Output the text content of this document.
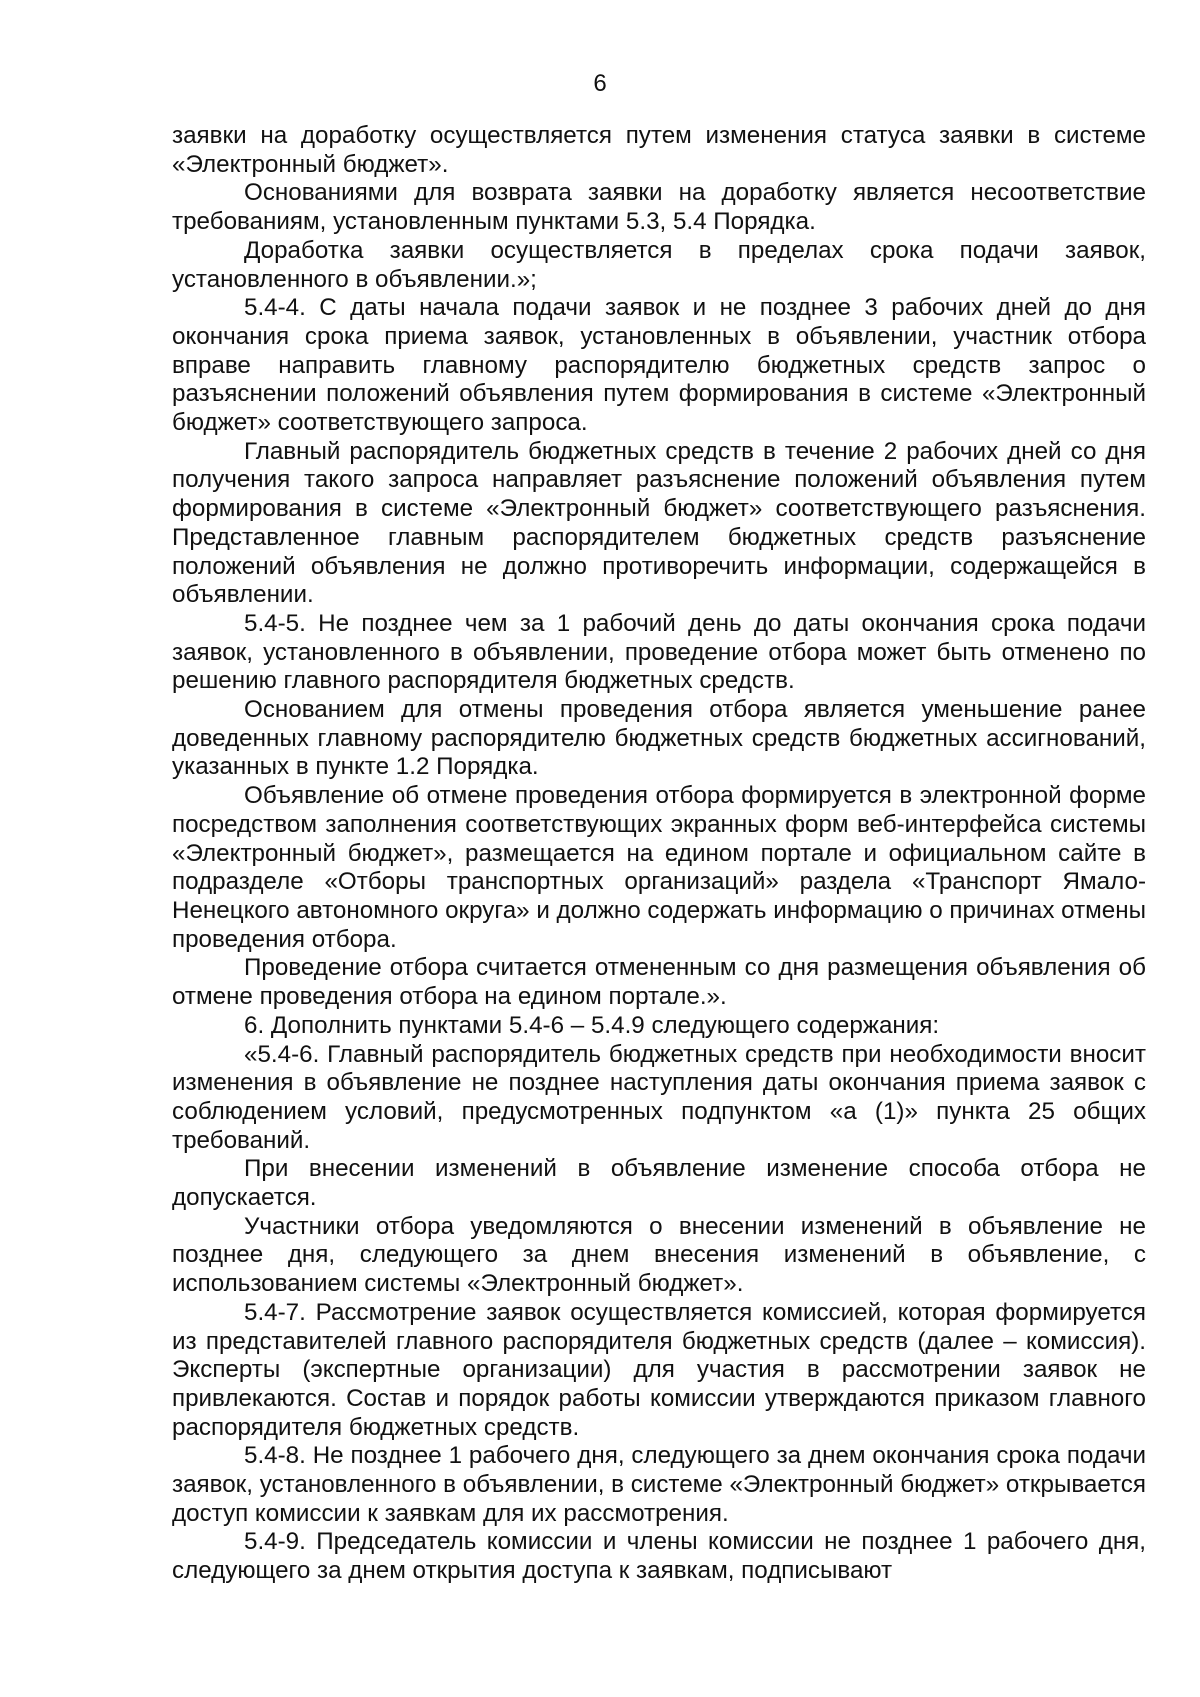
6

заявки на доработку осуществляется путем изменения статуса заявки в системе «Электронный бюджет».

Основаниями для возврата заявки на доработку является несоответствие требованиям, установленным пунктами 5.3, 5.4 Порядка.

Доработка заявки осуществляется в пределах срока подачи заявок, установленного в объявлении.»;

5.4-4. С даты начала подачи заявок и не позднее 3 рабочих дней до дня окончания срока приема заявок, установленных в объявлении, участник отбора вправе направить главному распорядителю бюджетных средств запрос о разъяснении положений объявления путем формирования в системе «Электронный бюджет» соответствующего запроса.

Главный распорядитель бюджетных средств в течение 2 рабочих дней со дня получения такого запроса направляет разъяснение положений объявления путем формирования в системе «Электронный бюджет» соответствующего разъяснения. Представленное главным распорядителем бюджетных средств разъяснение положений объявления не должно противоречить информации, содержащейся в объявлении.

5.4-5. Не позднее чем за 1 рабочий день до даты окончания срока подачи заявок, установленного в объявлении, проведение отбора может быть отменено по решению главного распорядителя бюджетных средств.

Основанием для отмены проведения отбора является уменьшение ранее доведенных главному распорядителю бюджетных средств бюджетных ассигнований, указанных в пункте 1.2 Порядка.

Объявление об отмене проведения отбора формируется в электронной форме посредством заполнения соответствующих экранных форм веб-интерфейса системы «Электронный бюджет», размещается на едином портале и официальном сайте в подразделе «Отборы транспортных организаций» раздела «Транспорт Ямало-Ненецкого автономного округа» и должно содержать информацию о причинах отмены проведения отбора.

Проведение отбора считается отмененным со дня размещения объявления об отмене проведения отбора на едином портале.».

6. Дополнить пунктами 5.4-6 – 5.4.9 следующего содержания:

«5.4-6. Главный распорядитель бюджетных средств при необходимости вносит изменения в объявление не позднее наступления даты окончания приема заявок с соблюдением условий, предусмотренных подпунктом «а (1)» пункта 25 общих требований.

При внесении изменений в объявление изменение способа отбора не допускается.

Участники отбора уведомляются о внесении изменений в объявление не позднее дня, следующего за днем внесения изменений в объявление, с использованием системы «Электронный бюджет».

5.4-7. Рассмотрение заявок осуществляется комиссией, которая формируется из представителей главного распорядителя бюджетных средств (далее – комиссия). Эксперты (экспертные организации) для участия в рассмотрении заявок не привлекаются. Состав и порядок работы комиссии утверждаются приказом главного распорядителя бюджетных средств.

5.4-8. Не позднее 1 рабочего дня, следующего за днем окончания срока подачи заявок, установленного в объявлении, в системе «Электронный бюджет» открывается доступ комиссии к заявкам для их рассмотрения.

5.4-9. Председатель комиссии и члены комиссии не позднее 1 рабочего дня, следующего за днем открытия доступа к заявкам, подписывают
